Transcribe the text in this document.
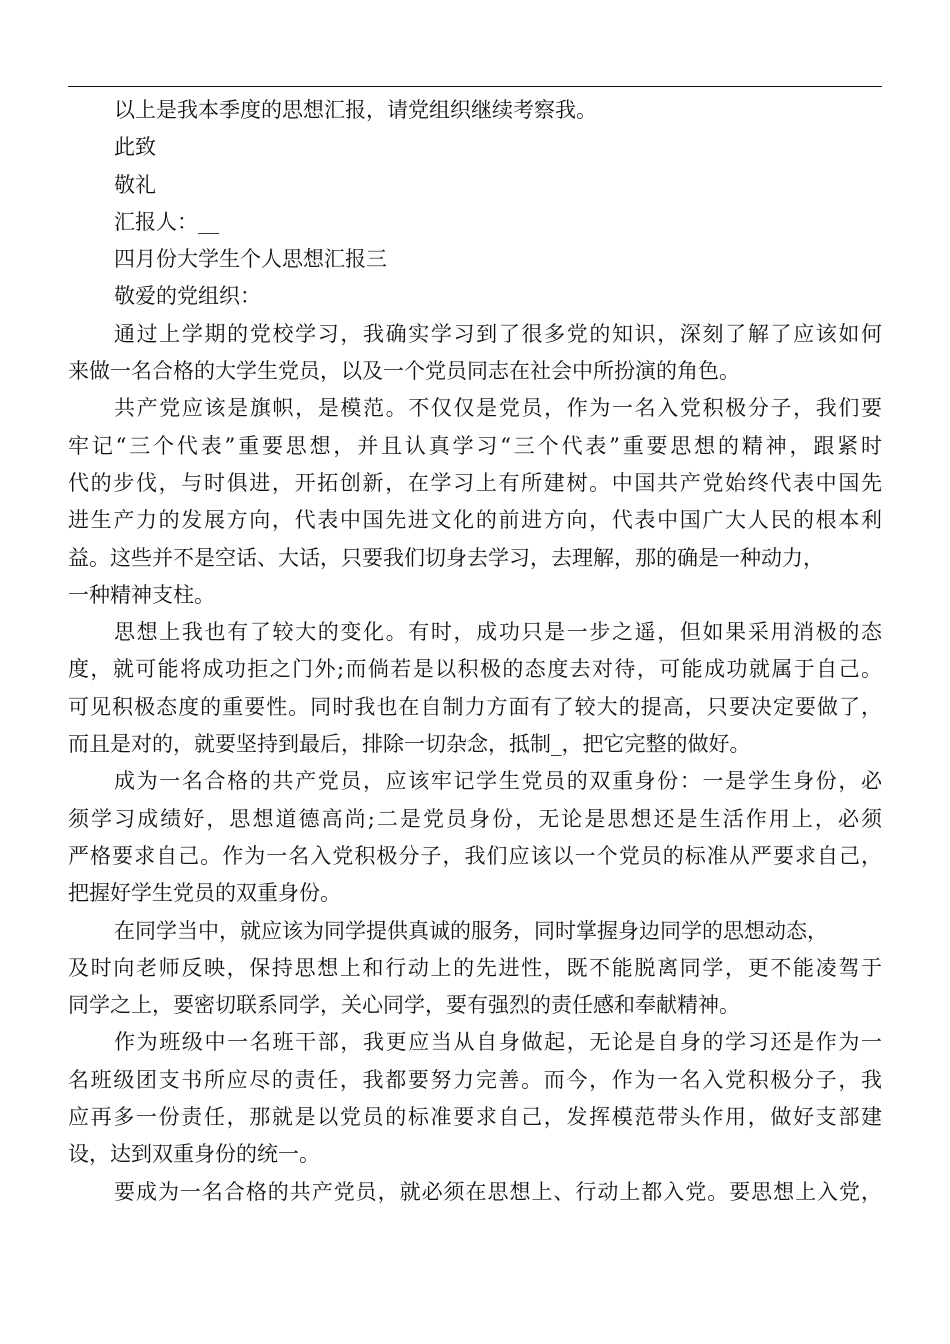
以上是我本季度的思想汇报，请党组织继续考察我。
此致
敬礼
汇报人：__
四月份大学生个人思想汇报三
敬爱的党组织：
通过上学期的党校学习，我确实学习到了很多党的知识，深刻了解了应该如何
来做一名合格的大学生党员，以及一个党员同志在社会中所扮演的角色。
共产党应该是旗帜，是模范。不仅仅是党员，作为一名入党积极分子，我们要
牢记“三个代表”重要思想，并且认真学习“三个代表”重要思想的精神，跟紧时
代的步伐，与时俱进，开拓创新，在学习上有所建树。中国共产党始终代表中国先
进生产力的发展方向，代表中国先进文化的前进方向，代表中国广大人民的根本利
益。这些并不是空话、大话，只要我们切身去学习，去理解，那的确是一种动力，
一种精神支柱。
思想上我也有了较大的变化。有时，成功只是一步之遥，但如果采用消极的态
度，就可能将成功拒之门外;而倘若是以积极的态度去对待，可能成功就属于自己。
可见积极态度的重要性。同时我也在自制力方面有了较大的提高，只要决定要做了，
而且是对的，就要坚持到最后，排除一切杂念，抵制_，把它完整的做好。
成为一名合格的共产党员，应该牢记学生党员的双重身份：一是学生身份，必
须学习成绩好，思想道德高尚;二是党员身份，无论是思想还是生活作用上，必须
严格要求自己。作为一名入党积极分子，我们应该以一个党员的标准从严要求自己，
把握好学生党员的双重身份。
在同学当中，就应该为同学提供真诚的服务，同时掌握身边同学的思想动态，
及时向老师反映，保持思想上和行动上的先进性，既不能脱离同学，更不能凌驾于
同学之上，要密切联系同学，关心同学，要有强烈的责任感和奉献精神。
作为班级中一名班干部，我更应当从自身做起，无论是自身的学习还是作为一
名班级团支书所应尽的责任，我都要努力完善。而今，作为一名入党积极分子，我
应再多一份责任，那就是以党员的标准要求自己，发挥模范带头作用，做好支部建
设，达到双重身份的统一。
要成为一名合格的共产党员，就必须在思想上、行动上都入党。要思想上入党，
